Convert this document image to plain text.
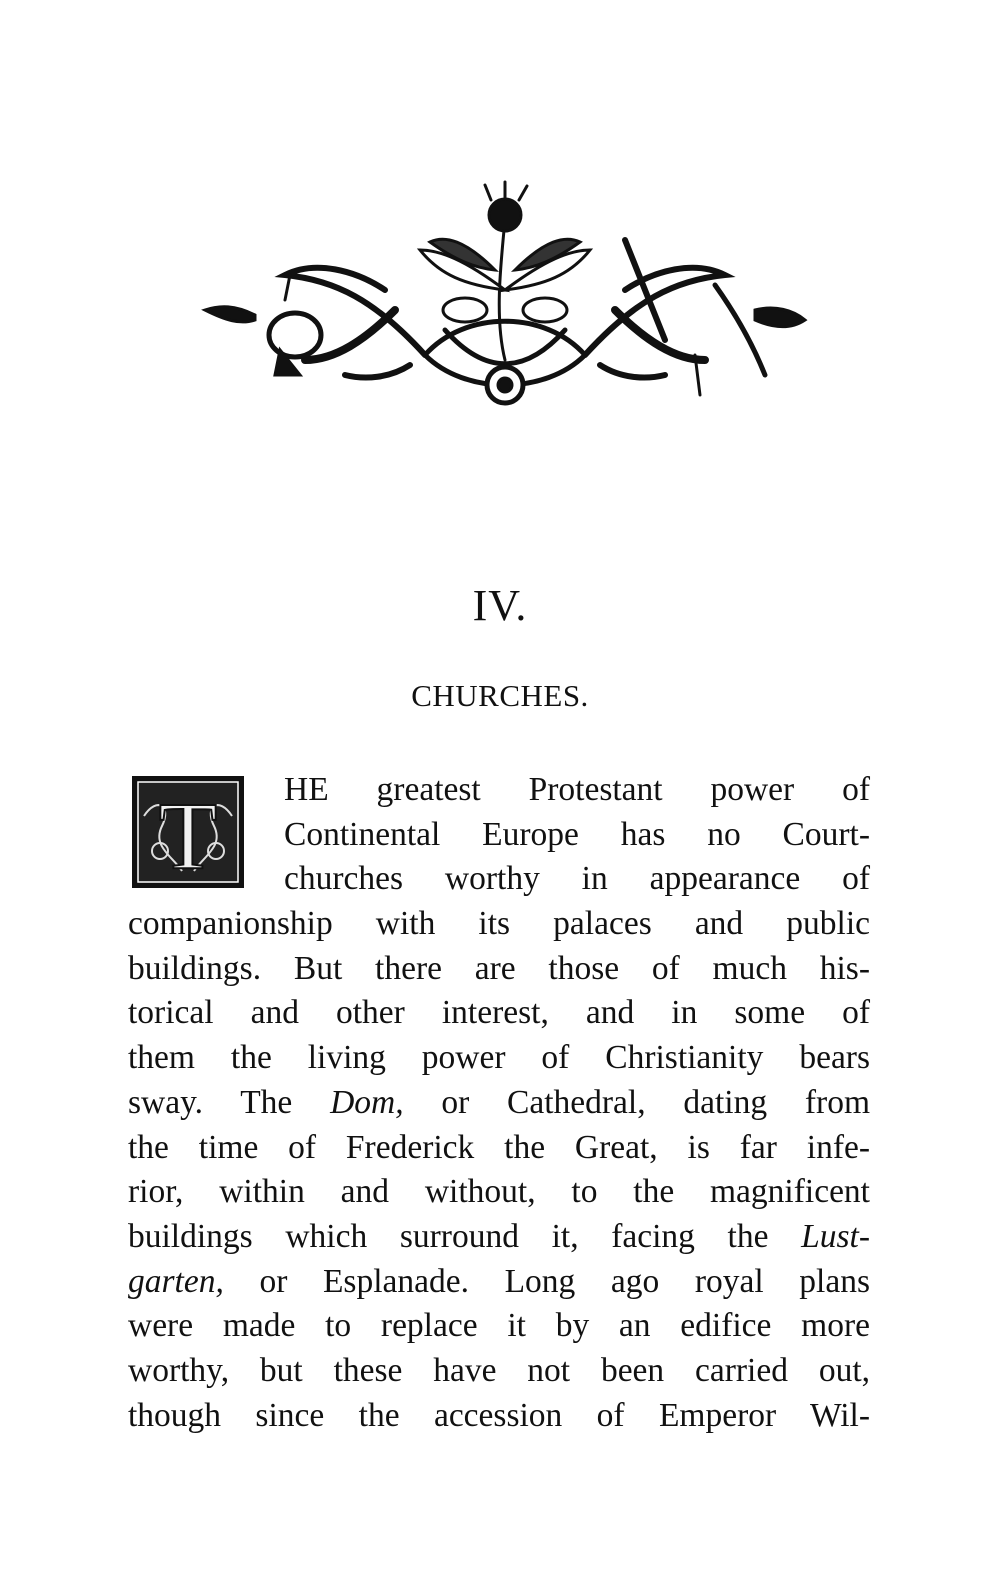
IV.
CHURCHES.
T	HE greatest Protestant power of
Continental Europe has no Court-
churches worthy in appearance of
companionship with its palaces and public
buildings. But there are those of much his-
torical and other interest, and in some of
them the living power of Christianity bears
sway. The Dom, or Cathedral, dating from
the time of Frederick the Great, is far infe-
rior, within and without, to the magnificent
buildings which surround it, facing the Lust-
garten, or Esplanade. Long ago royal plans
were made to replace it by an edifice more
worthy, but these have not been carried out,
though since the accession of Emperor Wil-
